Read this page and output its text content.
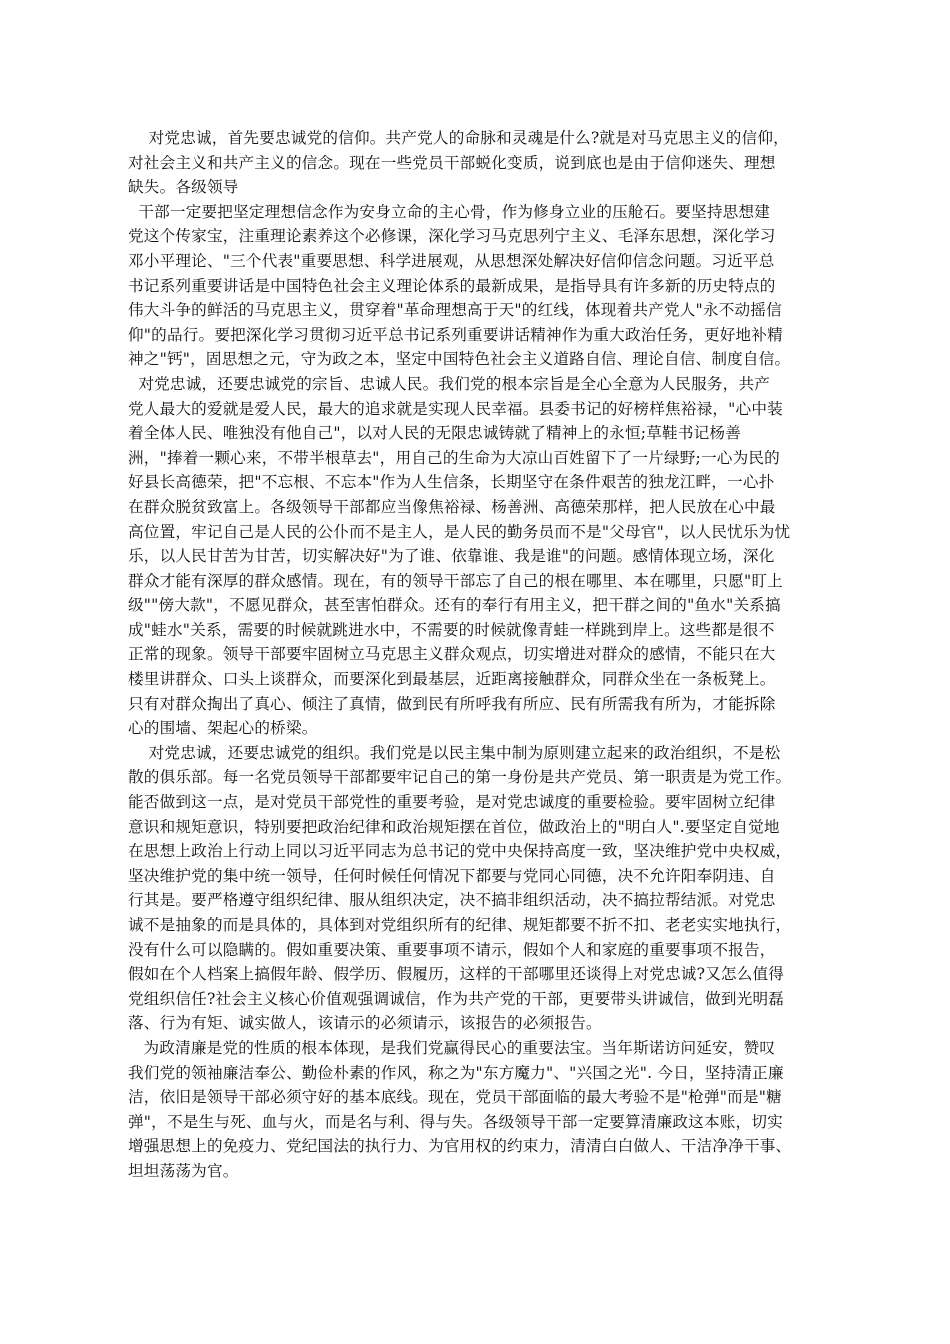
对党忠诚，首先要忠诚党的信仰。共产党人的命脉和灵魂是什么?就是对马克思主义的信仰，
对社会主义和共产主义的信念。现在一些党员干部蜕化变质，说到底也是由于信仰迷失、理想
缺失。各级领导
干部一定要把坚定理想信念作为安身立命的主心骨，作为修身立业的压舱石。要坚持思想建
党这个传家宝，注重理论素养这个必修课，深化学习马克思列宁主义、毛泽东思想，深化学习
邓小平理论、"三个代表"重要思想、科学进展观，从思想深处解决好信仰信念问题。习近平总
书记系列重要讲话是中国特色社会主义理论体系的最新成果，是指导具有许多新的历史特点的
伟大斗争的鲜活的马克思主义，贯穿着"革命理想高于天"的红线，体现着共产党人"永不动摇信
仰"的品行。要把深化学习贯彻习近平总书记系列重要讲话精神作为重大政治任务，更好地补精
神之"钙"，固思想之元，守为政之本，坚定中国特色社会主义道路自信、理论自信、制度自信。
对党忠诚，还要忠诚党的宗旨、忠诚人民。我们党的根本宗旨是全心全意为人民服务，共产
党人最大的爱就是爱人民，最大的追求就是实现人民幸福。县委书记的好榜样焦裕禄，"心中装
着全体人民、唯独没有他自己"，以对人民的无限忠诚铸就了精神上的永恒;草鞋书记杨善
洲，"捧着一颗心来，不带半根草去"，用自己的生命为大凉山百姓留下了一片绿野;一心为民的
好县长高德荣，把"不忘根、不忘本"作为人生信条，长期坚守在条件艰苦的独龙江畔，一心扑
在群众脱贫致富上。各级领导干部都应当像焦裕禄、杨善洲、高德荣那样，把人民放在心中最
高位置，牢记自己是人民的公仆而不是主人，是人民的勤务员而不是"父母官"，以人民忧乐为忧
乐，以人民甘苦为甘苦，切实解决好"为了谁、依靠谁、我是谁"的问题。感情体现立场，深化
群众才能有深厚的群众感情。现在，有的领导干部忘了自己的根在哪里、本在哪里，只愿"盯上
级""傍大款"，不愿见群众，甚至害怕群众。还有的奉行有用主义，把干群之间的"鱼水"关系搞
成"蛙水"关系，需要的时候就跳进水中，不需要的时候就像青蛙一样跳到岸上。这些都是很不
正常的现象。领导干部要牢固树立马克思主义群众观点，切实增进对群众的感情，不能只在大
楼里讲群众、口头上谈群众，而要深化到最基层，近距离接触群众，同群众坐在一条板凳上。
只有对群众掏出了真心、倾注了真情，做到民有所呼我有所应、民有所需我有所为，才能拆除
心的围墙、架起心的桥梁。
对党忠诚，还要忠诚党的组织。我们党是以民主集中制为原则建立起来的政治组织，不是松
散的俱乐部。每一名党员领导干部都要牢记自己的第一身份是共产党员、第一职责是为党工作。
能否做到这一点，是对党员干部党性的重要考验，是对党忠诚度的重要检验。要牢固树立纪律
意识和规矩意识，特别要把政治纪律和政治规矩摆在首位，做政治上的"明白人".要坚定自觉地
在思想上政治上行动上同以习近平同志为总书记的党中央保持高度一致，坚决维护党中央权威，
坚决维护党的集中统一领导，任何时候任何情况下都要与党同心同德，决不允许阳奉阴违、自
行其是。要严格遵守组织纪律、服从组织决定，决不搞非组织活动，决不搞拉帮结派。对党忠
诚不是抽象的而是具体的，具体到对党组织所有的纪律、规矩都要不折不扣、老老实实地执行，
没有什么可以隐瞒的。假如重要决策、重要事项不请示，假如个人和家庭的重要事项不报告，
假如在个人档案上搞假年龄、假学历、假履历，这样的干部哪里还谈得上对党忠诚?又怎么值得
党组织信任?社会主义核心价值观强调诚信，作为共产党的干部，更要带头讲诚信，做到光明磊
落、行为有矩、诚实做人，该请示的必须请示，该报告的必须报告。
为政清廉是党的性质的根本体现，是我们党赢得民心的重要法宝。当年斯诺访问延安，赞叹
我们党的领袖廉洁奉公、勤俭朴素的作风，称之为"东方魔力"、"兴国之光". 今日，坚持清正廉
洁，依旧是领导干部必须守好的基本底线。现在，党员干部面临的最大考验不是"枪弹"而是"糖
弹"，不是生与死、血与火，而是名与利、得与失。各级领导干部一定要算清廉政这本账，切实
增强思想上的免疫力、党纪国法的执行力、为官用权的约束力，清清白白做人、干洁净净干事、
坦坦荡荡为官。
